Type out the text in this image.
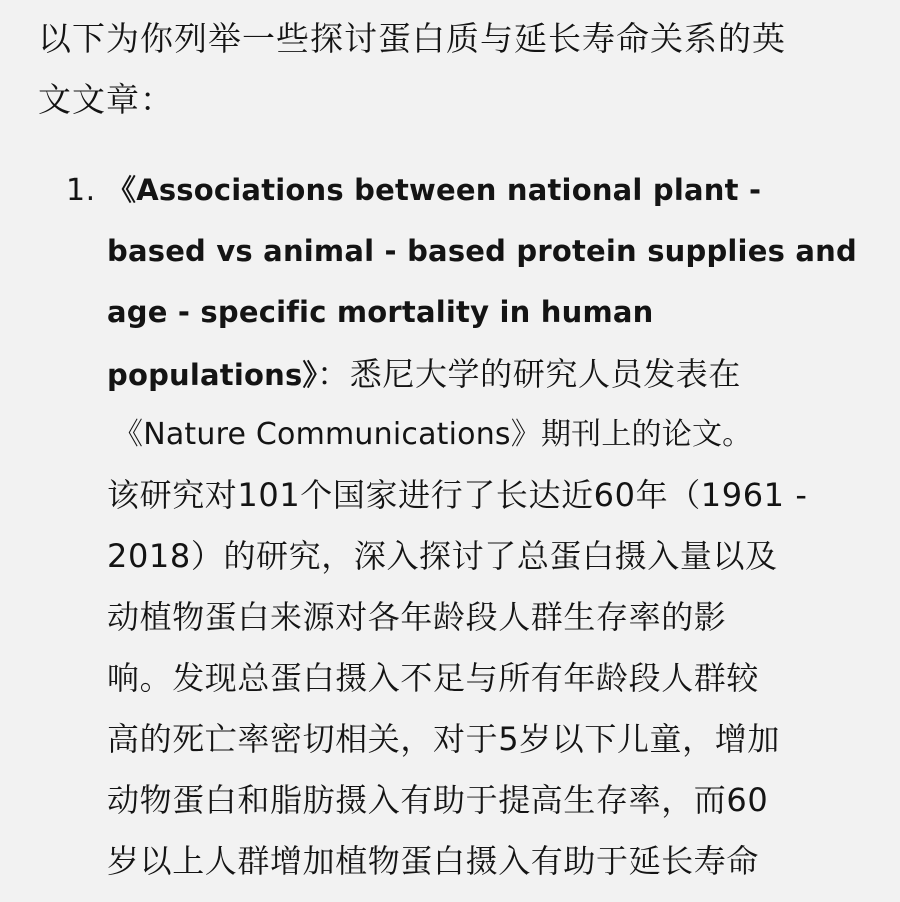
以下为你列举一些探讨蛋白质与延长寿命关系的英
文文章：
1. 《Associations between national plant -
based vs animal - based protein supplies and
age - specific mortality in human
populations》：悉尼大学的研究人员发表在
《Nature Communications》期刊上的论文。
该研究对101个国家进行了长达近60年（1961 -
2018）的研究，深入探讨了总蛋白摄入量以及
动植物蛋白来源对各年龄段人群生存率的影
响。发现总蛋白摄入不足与所有年龄段人群较
高的死亡率密切相关，对于5岁以下儿童，增加
动物蛋白和脂肪摄入有助于提高生存率，而60
岁以上人群增加植物蛋白摄入有助于延长寿命
